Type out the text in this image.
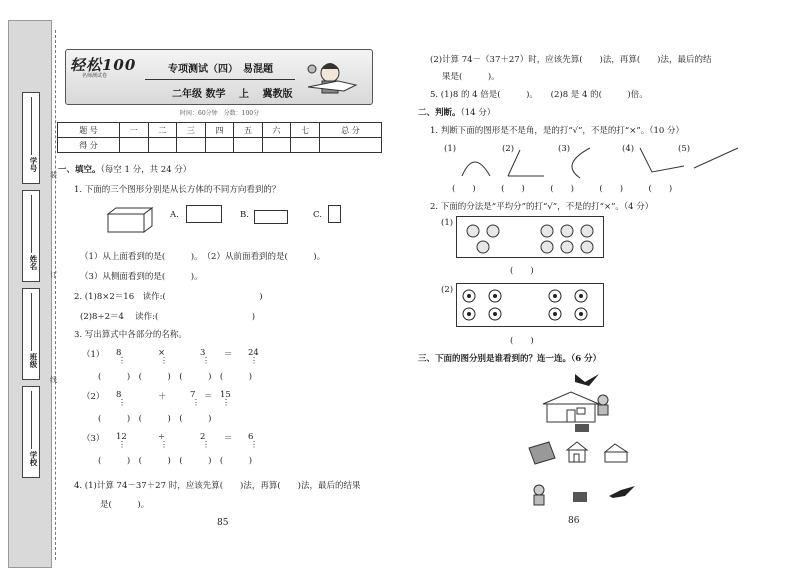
学号
姓名
班级
学校
装
订
线
轻松100
名师测试卷
专项测试（四）　易混题
二年级 数学 　上 　冀教版
时间：60分钟　分数：100分
题 号	一	二	三	四	五	六	七	总 分
得 分								
一、填空。（每空 1 分，共 24 分）
1. 下面的三个图形分别是从长方体的不同方向看到的？
A.	B.	C.
（1）从上面看到的是(　　　)。　（2）从前面看到的是(　　　)。
（3）从侧面看到的是(　　　)。
2. (1)8×2＝16　读作:(　　　　　　　　　　　)
(2)8÷2＝4　 读作:(　　　　　　　　　　　)
3. 写出算式中各部分的名称。
（1） 8	×	3 ＝ 24
⋮	⋮	⋮	⋮
(　　　)　(　　　)　(　　　)　(　　　)
（2） 8	＋	7 ＝ 15
⋮	⋮	⋮
(　　　)　(　　　)　(　　　)
（3） 12	÷	2 ＝ 6
⋮	⋮	⋮	⋮
(　　　)　(　　　)　(　　　)　(　　　)
4. (1)计算 74－37＋27 时，应该先算(　　)法，再算(　　)法，最后的结果
是(　　　)。
85
(2)计算 74－（37＋27）时，应该先算(　　)法，再算(　　)法，最后的结
果是(　　　)。
5. (1)8 的 4 倍是(　　　)。　　(2)8 是 4 的(　　　)倍。
二、判断。（14 分）
1. 判断下面的图形是不是角，是的打“√”，不是的打“×”。（10 分）
(1)	(2)	(3)	(4)	(5)
(　　)　　　(　　)　　　(　　)　　　(　　)　　　(　　)
2. 下面的分法是“平均分”的打“√”，不是的打“×”。（4 分）
(1)
(　　)
(2)
(　　)
三、下面的图分别是谁看到的？连一连。（6 分）
86
